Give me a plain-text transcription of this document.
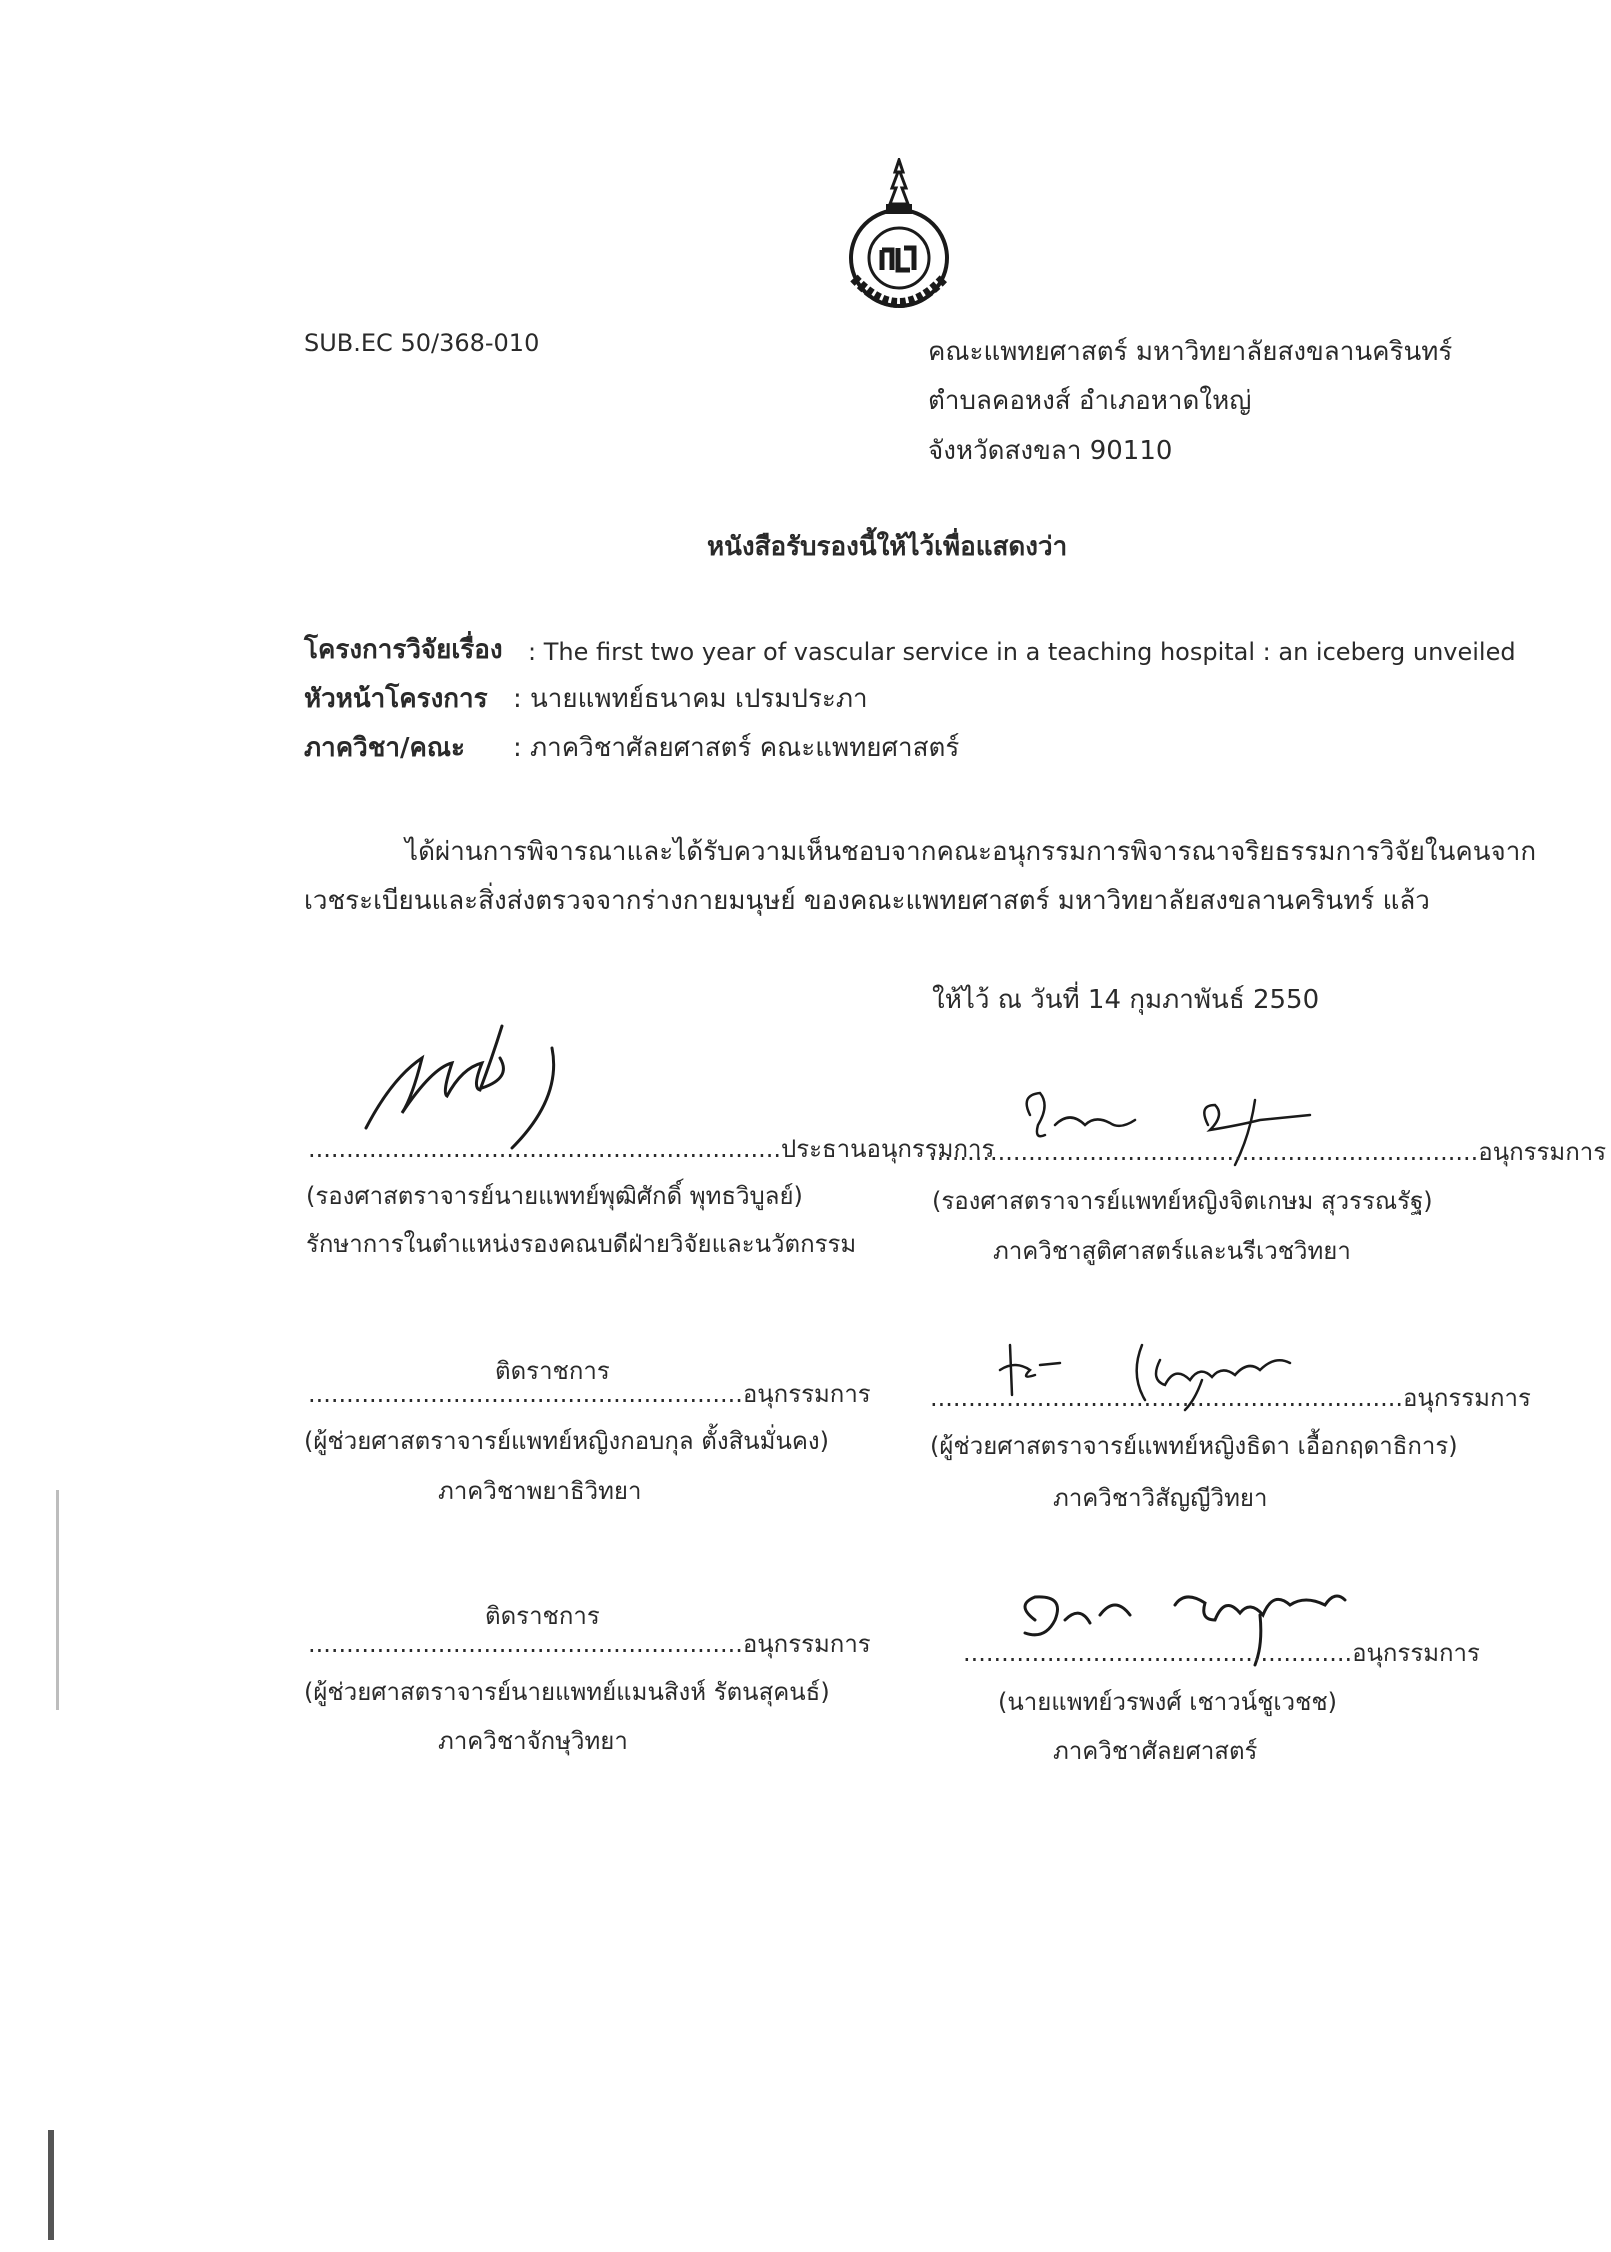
SUB.EC 50/368-010	คณะแพทยศาสตร์ มหาวิทยาลัยสงขลานครินทร์
ตำบลคอหงส์ อำเภอหาดใหญ่
จังหวัดสงขลา 90110
หนังสือรับรองนี้ให้ไว้เพื่อแสดงว่า
โครงการวิจัยเรื่อง : The first two year of vascular service in a teaching hospital : an iceberg unveiled
หัวหน้าโครงการ : นายแพทย์ธนาคม เปรมประภา
ภาควิชา/คณะ : ภาควิชาศัลยศาสตร์ คณะแพทยศาสตร์
ได้ผ่านการพิจารณาและได้รับความเห็นชอบจากคณะอนุกรรมการพิจารณาจริยธรรมการวิจัยในคนจาก
เวชระเบียนและสิ่งส่งตรวจจากร่างกายมนุษย์ ของคณะแพทยศาสตร์ มหาวิทยาลัยสงขลานครินทร์ แล้ว
ให้ไว้ ณ วันที่ 14 กุมภาพันธ์ 2550
..............................................................ประธานอนุกรรมการ
(รองศาสตราจารย์นายแพทย์พุฒิศักดิ์ พุทธวิบูลย์)
รักษาการในตำแหน่งรองคณบดีฝ่ายวิจัยและนวัตกรรม
........................................................................อนุกรรมการ
(รองศาสตราจารย์แพทย์หญิงจิตเกษม สุวรรณรัฐ)
ภาควิชาสูติศาสตร์และนรีเวชวิทยา
ติดราชการ
.........................................................อนุกรรมการ
(ผู้ช่วยศาสตราจารย์แพทย์หญิงกอบกุล ตั้งสินมั่นคง)
ภาควิชาพยาธิวิทยา
..............................................................อนุกรรมการ
(ผู้ช่วยศาสตราจารย์แพทย์หญิงธิดา เอื้อกฤดาธิการ)
ภาควิชาวิสัญญีวิทยา
ติดราชการ
.........................................................อนุกรรมการ
(ผู้ช่วยศาสตราจารย์นายแพทย์แมนสิงห์ รัตนสุคนธ์)
ภาควิชาจักษุวิทยา
...................................................อนุกรรมการ
(นายแพทย์วรพงศ์ เชาวน์ชูเวชช)
ภาควิชาศัลยศาสตร์
